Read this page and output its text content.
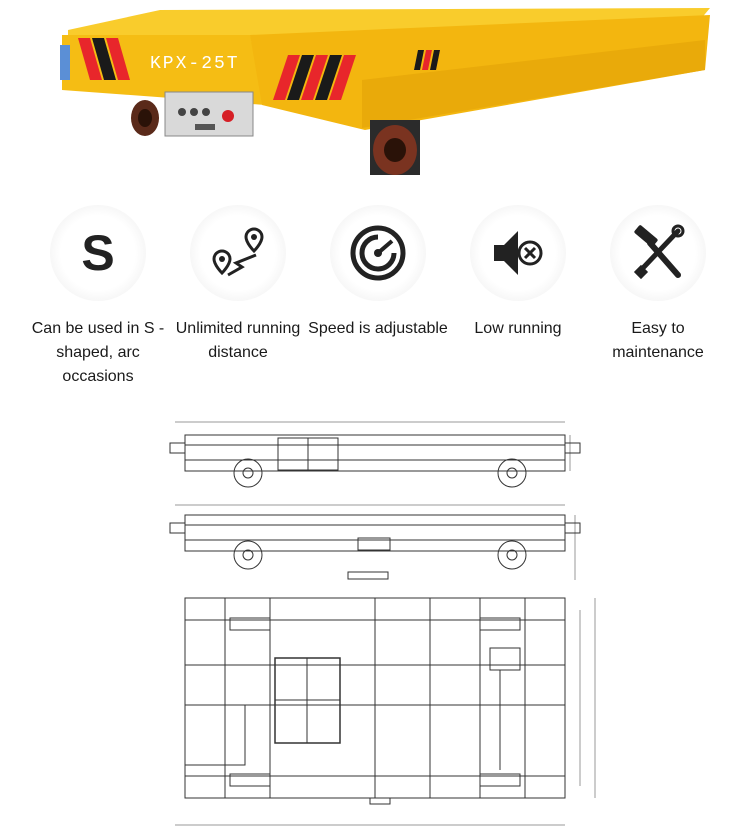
KPX-25T
S
Can be used in S - shaped, arc occasions
Unlimited running distance
Speed is adjustable	Low running	Easy to maintenance
